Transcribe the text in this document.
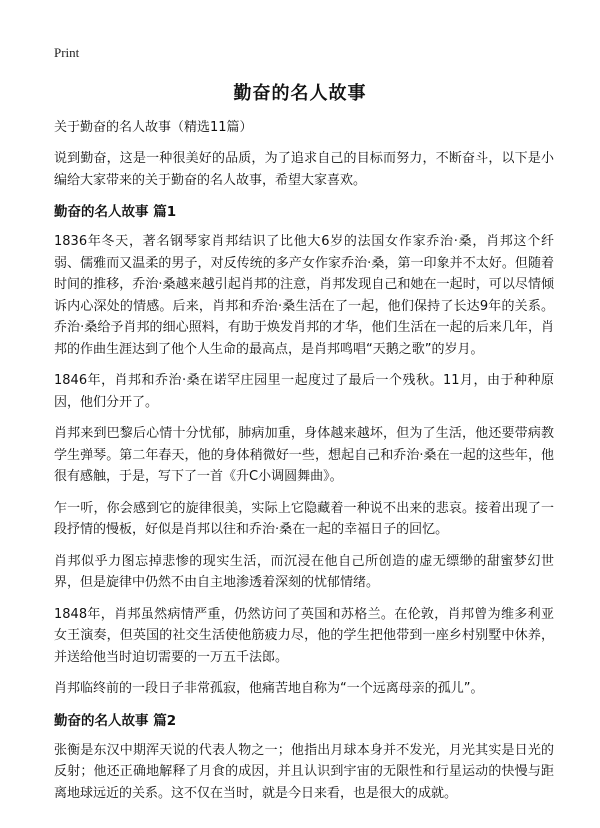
Print
勤奋的名人故事

关于勤奋的名人故事（精选11篇）

说到勤奋，这是一种很美好的品质，为了追求自己的目标而努力，不断奋斗，以下是小编给大家带来的关于勤奋的名人故事，希望大家喜欢。

勤奋的名人故事 篇1

1836年冬天，著名钢琴家肖邦结识了比他大6岁的法国女作家乔治·桑，肖邦这个纤弱、儒雅而又温柔的男子，对反传统的多产女作家乔治·桑，第一印象并不太好。但随着时间的推移，乔治·桑越来越引起肖邦的注意，肖邦发现自己和她在一起时，可以尽情倾诉内心深处的情感。后来，肖邦和乔治·桑生活在了一起，他们保持了长达9年的关系。乔治·桑给予肖邦的细心照料，有助于焕发肖邦的才华，他们生活在一起的后来几年，肖邦的作曲生涯达到了他个人生命的最高点，是肖邦鸣唱“天鹅之歌”的岁月。

1846年，肖邦和乔治·桑在诺罕庄园里一起度过了最后一个残秋。11月，由于种种原因，他们分开了。

肖邦来到巴黎后心情十分忧郁，肺病加重，身体越来越坏，但为了生活，他还要带病教学生弹琴。第二年春天，他的身体稍微好一些，想起自己和乔治·桑在一起的这些年，他很有感触，于是，写下了一首《升C小调圆舞曲》。

乍一听，你会感到它的旋律很美，实际上它隐藏着一种说不出来的悲哀。接着出现了一段抒情的慢板，好似是肖邦以往和乔治·桑在一起的幸福日子的回忆。

肖邦似乎力图忘掉悲惨的现实生活，而沉浸在他自己所创造的虚无缥缈的甜蜜梦幻世界，但是旋律中仍然不由自主地渗透着深刻的忧郁情绪。

1848年，肖邦虽然病情严重，仍然访问了英国和苏格兰。在伦敦，肖邦曾为维多利亚女王演奏，但英国的社交生活使他筋疲力尽，他的学生把他带到一座乡村别墅中休养，并送给他当时迫切需要的一万五千法郎。

肖邦临终前的一段日子非常孤寂，他痛苦地自称为“一个远离母亲的孤儿”。

勤奋的名人故事 篇2

张衡是东汉中期浑天说的代表人物之一；他指出月球本身并不发光，月光其实是日光的反射；他还正确地解释了月食的成因，并且认识到宇宙的无限性和行星运动的快慢与距离地球远近的关系。这不仅在当时，就是今日来看，也是很大的成就。
